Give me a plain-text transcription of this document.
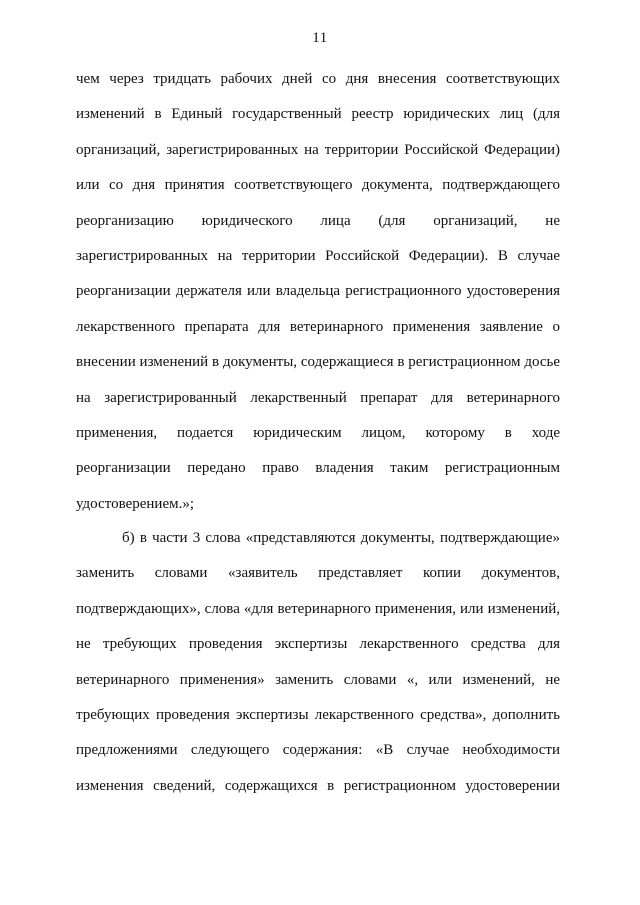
11
чем через тридцать рабочих дней со дня внесения соответствующих
изменений в Единый государственный реестр юридических лиц (для
организаций, зарегистрированных на территории Российской Федерации)
или со дня принятия соответствующего документа, подтверждающего
реорганизацию юридического лица (для организаций, не
зарегистрированных на территории Российской Федерации). В случае
реорганизации держателя или владельца регистрационного удостоверения
лекарственного препарата для ветеринарного применения заявление о
внесении изменений в документы, содержащиеся в регистрационном досье
на зарегистрированный лекарственный препарат для ветеринарного
применения, подается юридическим лицом, которому в ходе
реорганизации передано право владения таким регистрационным
удостоверением.»;
б) в части 3 слова «представляются документы, подтверждающие»
заменить словами «заявитель представляет копии документов,
подтверждающих», слова «для ветеринарного применения, или изменений,
не требующих проведения экспертизы лекарственного средства для
ветеринарного применения» заменить словами «, или изменений, не
требующих проведения экспертизы лекарственного средства», дополнить
предложениями следующего содержания: «В случае необходимости
изменения сведений, содержащихся в регистрационном удостоверении
